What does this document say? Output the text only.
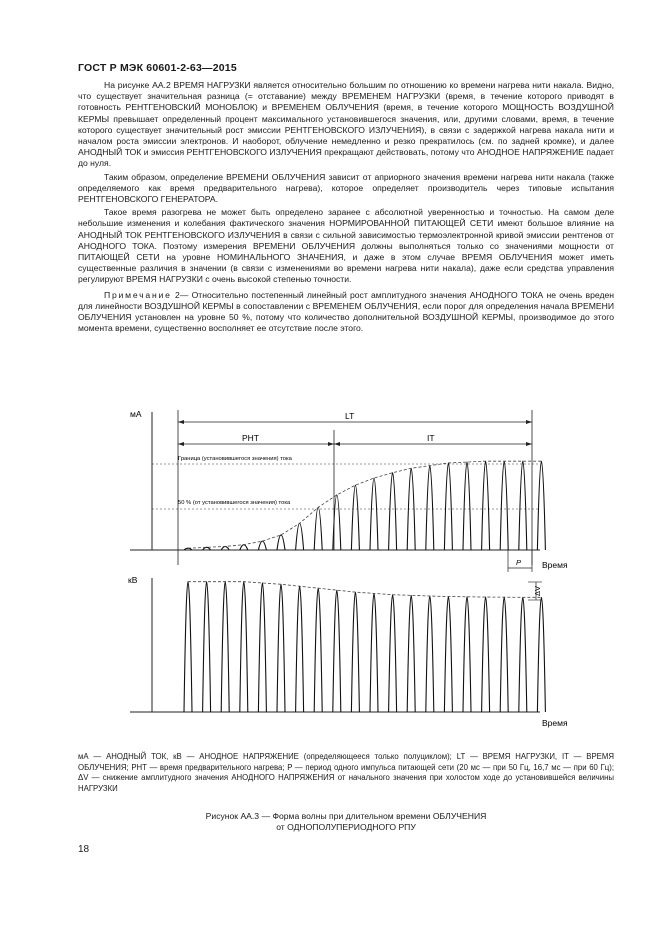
ГОСТ Р МЭК 60601-2-63—2015

На рисунке АА.2 ВРЕМЯ НАГРУЗКИ является относительно большим по отношению ко времени нагрева нити накала. Видно, что существует значительная разница (= отставание) между ВРЕМЕНЕМ НАГРУЗКИ (время, в течение которого приводят в готовность РЕНТГЕНОВСКИЙ МОНОБЛОК) и ВРЕМЕНЕМ ОБЛУЧЕНИЯ (время, в течение которого МОЩНОСТЬ ВОЗДУШНОЙ КЕРМЫ превышает определенный процент максимального установившегося значения, или, другими словами, время, в течение которого существует значительный рост эмиссии РЕНТГЕНОВСКОГО ИЗЛУЧЕНИЯ), в связи с задержкой нагрева накала нити и началом роста эмиссии электронов. И наоборот, облучение немедленно и резко прекратилось (см. по задней кромке), и далее АНОДНЫЙ ТОК и эмиссия РЕНТГЕНОВСКОГО ИЗЛУЧЕНИЯ прекращают действовать, потому что АНОДНОЕ НАПРЯЖЕНИЕ падает до нуля.

Таким образом, определение ВРЕМЕНИ ОБЛУЧЕНИЯ зависит от априорного значения времени нагрева нити накала (также определяемого как время предварительного нагрева), которое определяет производитель через типовые испытания РЕНТГЕНОВСКОГО ГЕНЕРАТОРА.

Такое время разогрева не может быть определено заранее с абсолютной уверенностью и точностью. На самом деле небольшие изменения и колебания фактического значения НОРМИРОВАННОЙ ПИТАЮЩЕЙ СЕТИ имеют большое влияние на АНОДНЫЙ ТОК РЕНТГЕНОВСКОГО ИЗЛУЧЕНИЯ в связи с сильной зависимостью термоэлектронной кривой эмиссии рентгенов от АНОДНОГО ТОКА. Поэтому измерения ВРЕМЕНИ ОБЛУЧЕНИЯ должны выполняться только со значениями мощности от ПИТАЮЩЕЙ СЕТИ на уровне НОМИНАЛЬНОГО ЗНАЧЕНИЯ, и даже в этом случае ВРЕМЯ ОБЛУЧЕНИЯ может иметь существенные различия в значении (в связи с изменениями во времени нагрева нити накала), даже если средства управления регулируют ВРЕМЯ НАГРУЗКИ с очень высокой степенью точности.

Примечание 2— Относительно постепенный линейный рост амплитудного значения АНОДНОГО ТОКА не очень вреден для линейности ВОЗДУШНОЙ КЕРМЫ в сопоставлении с ВРЕМЕНЕМ ОБЛУЧЕНИЯ, если порог для определения начала ВРЕМЕНИ ОБЛУЧЕНИЯ установлен на уровне 50 %, потому что количество дополнительной ВОЗДУШНОЙ КЕРМЫ, производимое до этого момента времени, существенно восполняет ее отсутствие после этого.

мА	LT
PHT	IT
Граница (установившегося значения) тока
50 % (от установившегося значения) тока
P Время
кВ
Время
ΔV
мА — АНОДНЫЙ ТОК, кВ — АНОДНОЕ НАПРЯЖЕНИЕ (определяющееся только полуциклом); LT — ВРЕМЯ НАГРУЗКИ, IT — ВРЕМЯ ОБЛУЧЕНИЯ; PHT — время предварительного нагрева; P — период одного импульса питающей сети (20 мс — при 50 Гц, 16,7 мс — при 60 Гц); ΔV — снижение амплитудного значения АНОДНОГО НАПРЯЖЕНИЯ от начального значения при холостом ходе до установившейся величины НАГРУЗКИ
Рисунок АА.3 — Форма волны при длительном времени ОБЛУЧЕНИЯ
от ОДНОПОЛУПЕРИОДНОГО РПУ
18
